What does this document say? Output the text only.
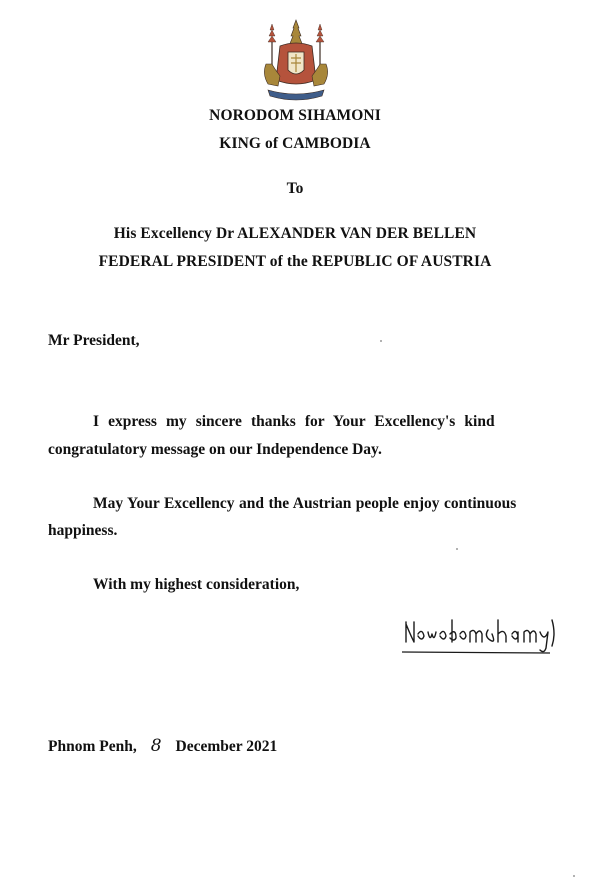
NORODOM SIHAMONI
KING of CAMBODIA
To
His Excellency Dr ALEXANDER VAN DER BELLEN
FEDERAL PRESIDENT of the REPUBLIC OF AUSTRIA
Mr President,
I express my sincere thanks for Your Excellency's kind
congratulatory message on our Independence Day.
May Your Excellency and the Austrian people enjoy continuous
happiness.
With my highest consideration,
Phnom Penh, 8 December 2021
